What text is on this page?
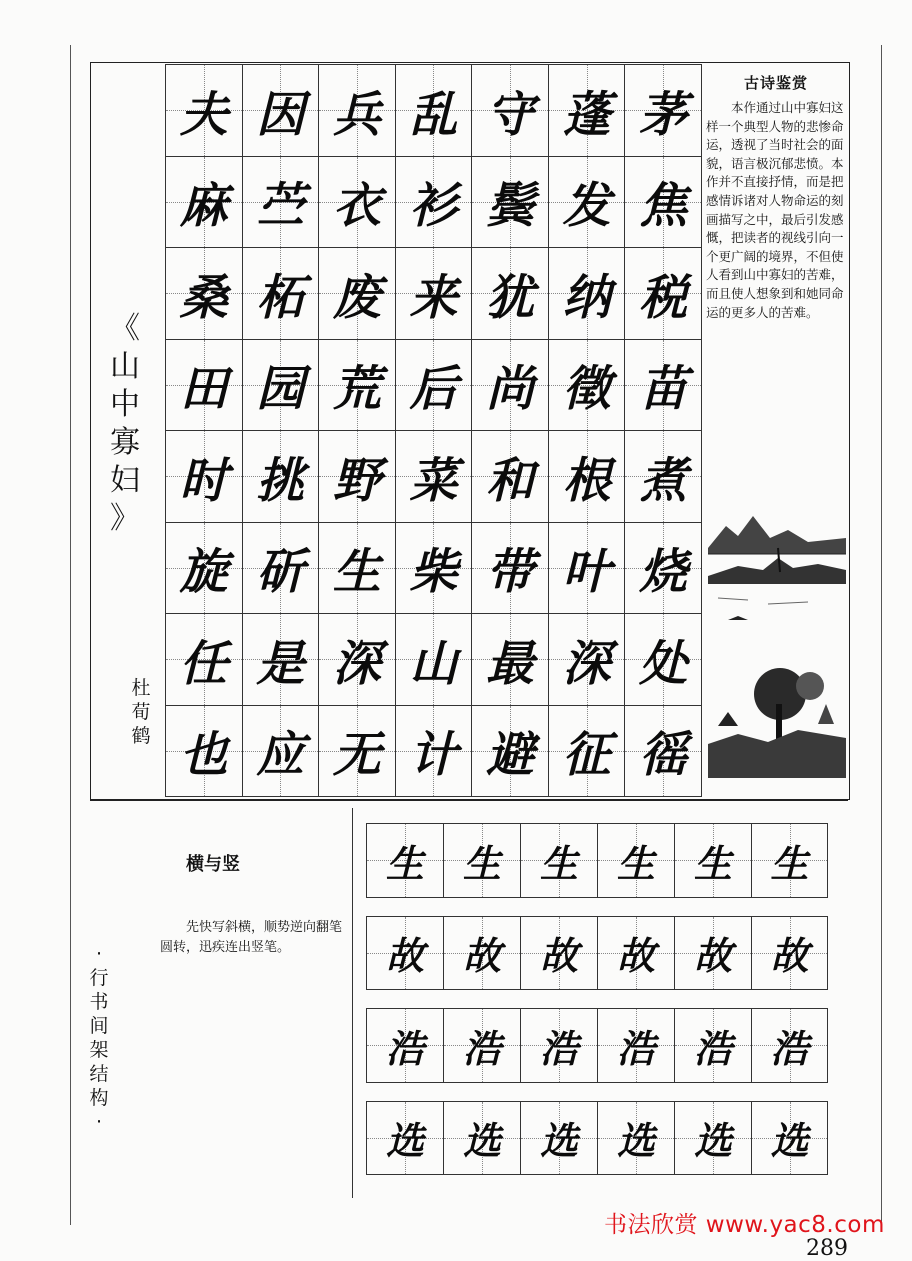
《
山
中
寡
妇
》
杜
荀
鹤
夫 因 兵 乱 守 蓬 茅
麻 苎 衣 衫 鬓 发 焦
桑 柘 废 来 犹 纳 税
田 园 荒 后 尚 徵 苗
时 挑 野 菜 和 根 煮
旋 斫 生 柴 带 叶 烧
任 是 深 山 最 深 处
也 应 无 计 避 征 徭
古诗鉴赏
本作通过山中寡妇这样一个典型人物的悲惨命运，透视了当时社会的面貌，语言极沉郁悲愤。本作并不直接抒情，而是把感情诉诸对人物命运的刻画描写之中，最后引发感慨，把读者的视线引向一个更广阔的境界，不但使人看到山中寡妇的苦难，而且使人想象到和她同命运的更多人的苦难。
横与竖
先快写斜横，顺势逆向翻笔圆转，迅疾连出竖笔。
·
行
书
间
架
结
构
·
生 生 生 生 生 生
故 故 故 故 故 故
浩 浩 浩 浩 浩 浩
选 选 选 选 选 选
书法欣赏 www.yac8.com
289
